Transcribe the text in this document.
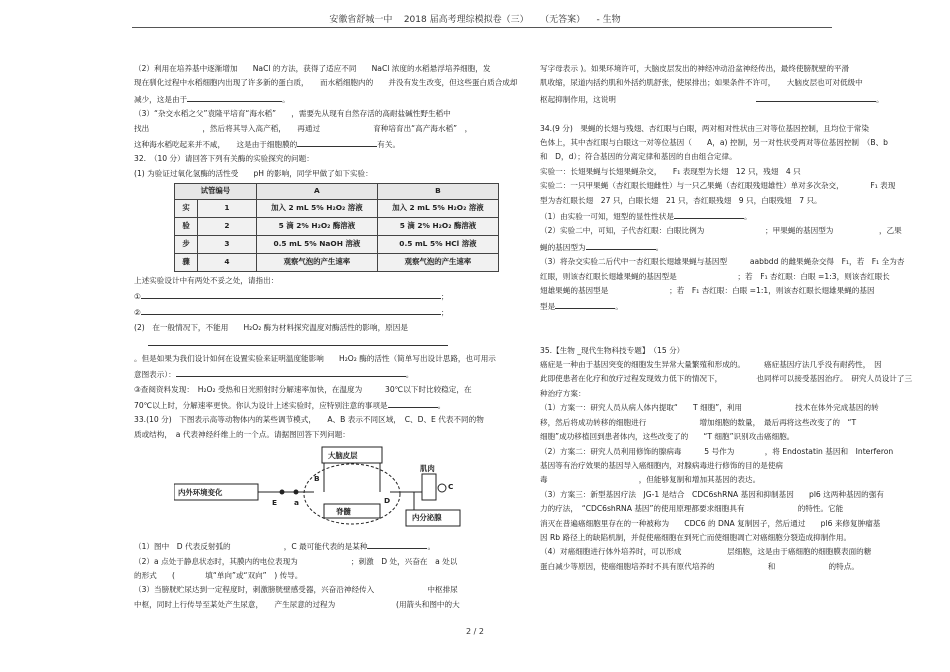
安徽省舒城一中 2018 届高考理综模拟卷（三） （无答案） - 生物
（2）利用在培养基中逐渐增加　　NaCl 的方法，获得了适应不同　　NaCl 浓度的水稻悬浮培养细胞，发
现在驯化过程中水稻细胞内出现了许多新的蛋白质，　　而水稻细胞内的　　并没有发生改变，但这些蛋白质合成却
减少，这是由于	。
（3）“杂交水稻之父”袁隆平培育“海水稻”　　，需要先从现有自然存活的高耐盐碱性野生稻中
找出　　　　　　　，然后将其导入高产稻，　　再通过　　　　　　　育种培育出“高产海水稻”　，
这种海水稻吃起来并不咸，　　这是由于细胞膜的	有关。
32.　（10 分）请回答下列有关酶的实验探究的问题：
(1) 为验证过氧化氢酶的活性受　　pH 的影响，同学甲做了如下实验：
试管编号		A	B
实	1	加入 2 mL 5% H₂O₂ 溶液	加入 2 mL 5% H₂O₂ 溶液
验	2	5 滴 2% H₂O₂ 酶溶液	5 滴 2% H₂O₂ 酶溶液
步	3	0.5 mL 5% NaOH 溶液	0.5 mL 5% HCl 溶液
骤	4	观察气泡的产生速率	观察气泡的产生速率
上述实验设计中有两处不妥之处，请指出：
①	；
②	；
(2)　在一般情况下，不能用　　H₂O₂ 酶为材料探究温度对酶活性的影响，原因是
。但是如果为我们设计如何在设置实验来证明温度能影响　　H₂O₂ 酶的活性（简单写出设计思路，也可用示
意图表示）：	。
③查阅资料发现：　H₂O₂ 受热和日光照射时分解速率加快，在温度为　　　30℃以下时比较稳定，在
70℃以上时，分解速率更快。你认为设计上述实验时，应特别注意的事项是	。
33.(10 分)　下图表示高等动物体内的某些调节模式，　　A、B 表示不同区域，　C、D、E 代表不同的物
质或结构，　a 代表神经纤维上的一个点。请据图回答下列问题：
大脑皮层
内外环境变化
脊髓
肌肉
内分泌腺
a
E
B
D
C
（1）图中　D 代表反射弧的　　　　　　　，C 最可能代表的是某种	。
（2）a 点处于静息状态时，其膜内的电位表现为　　　　　　　；刺激　D 处，兴奋在　a 处以
的形式　　(　　　　填“单向”或“双向”　) 传导。
（3）当膀胱贮尿达到一定程度时，刺激膀胱壁感受器，兴奋沿神经传入　　　　　　　中枢排尿
中枢，同时上行传导至某处产生尿意，　　产生尿意的过程为　　　　　　　　(用箭头和图中的大
写字母表示 )。如果环境许可，大脑皮层发出的神经冲动沿盆神经传出，最终使膀胱壁的平滑
肌收缩，尿道内括约肌和外括约肌舒张，使尿排出；如果条件不许可，　　大脑皮层也可对低级中
枢起抑制作用，这说明	。
34.(9 分)　果蝇的长翅与残翅、杏红眼与白眼，两对相对性状由三对等位基因控制，且均位于常染
色体上，其中杏红眼与白眼这一对等位基因（　　A，a) 控制，另一对性状受两对等位基因控制　（B、b
和　D，d）；符合基因的分离定律和基因的自由组合定律。
实验一：长翅果蝇与长翅果蝇杂交，　　F₁ 表现型为长翅　12 只，残翅　4 只
实验二：一只甲果蝇（杏红眼长翅雌性）与一只乙果蝇（杏红眼残翅雄性）单对多次杂交，　　　　F₁ 表现
型为杏红眼长翅　27 只，白眼长翅　21 只，杏红眼残翅　9 只，白眼残翅　7 只。
（1）由实验一可知，翅型的显性性状是	。
（2）实验二中，可知，子代杏红眼：白眼比例为　　　　　　　　；甲果蝇的基因型为　　　　　　，乙果
蝇的基因型为	。
（3）将杂交实验二后代中一杏红眼长翅雄果蝇与基因型　　　aabbdd 的雌果蝇杂交得　F₁，若　F₁ 全为杏
红眼，则该杏红眼长翅雄果蝇的基因型是　　　　　　　　；若　F₁ 杏红眼：白眼 =1:3，则该杏红眼长
翅雄果蝇的基因型是　　　　　　　　；若　F₁ 杏红眼：白眼 =1:1，则该杏红眼长翅雄果蝇的基因
型是	。
35.【生物 _现代生物科技专题】　（15 分）
癌症是一种由于基因突变的细胞发生异常大量繁殖和形成的。　　　癌症基因疗法几乎没有耐药性，　因
此即使患者在化疗和放疗过程发现效力低下的情况下，　　　　　也同样可以接受基因治疗。　研究人员设计了三
种治疗方案：
（1）方案一：研究人员从病人体内提取“　　T 细胞”，利用　　　　　　　技术在体外完成基因的转
移，然后将成功转移的细胞进行　　　　　　　增加细胞的数量，　最后再将这些改变了的　“T
细胞”成功移植回到患者体内，这些改变了的　　“T 细胞”识别攻击癌细胞。
（2）方案二：研究人员利用修饰的腺病毒　　　5 号作为　　　　，将 Endostatin 基因和　Interferon
基因等有治疗效果的基因导入癌细胞内，对腺病毒进行修饰的目的是使病
毒　　　　　　　　　　　　，但能够复制和增加其基因的表达。
（3）方案三：新型基因疗法　JG-1 是结合　CDC6shRNA 基因和抑制基因　　pl6 这两种基因的强有
力的疗法，　“CDC6shRNA 基因”的使用原理都要求细胞具有　　　　　　　的特性。它能
消灭在普遍癌细胞里存在的一种被称为　　CDC6 的 DNA 复制因子，然后通过　　pl6 来修复肿瘤基
因 Rb 路径上的缺陷机制，并促使癌细胞在到死亡而使细胞凋亡对癌细胞分裂造成抑制作用。
（4）对癌细胞进行体外培养时，可以形成　　　　　　层细胞，这是由于癌细胞的细胞膜表面的糖
蛋白减少等原因，使癌细胞培养时不具有原代培养的　　　　　　　和　　　　　　　的特点。
2 / 2
